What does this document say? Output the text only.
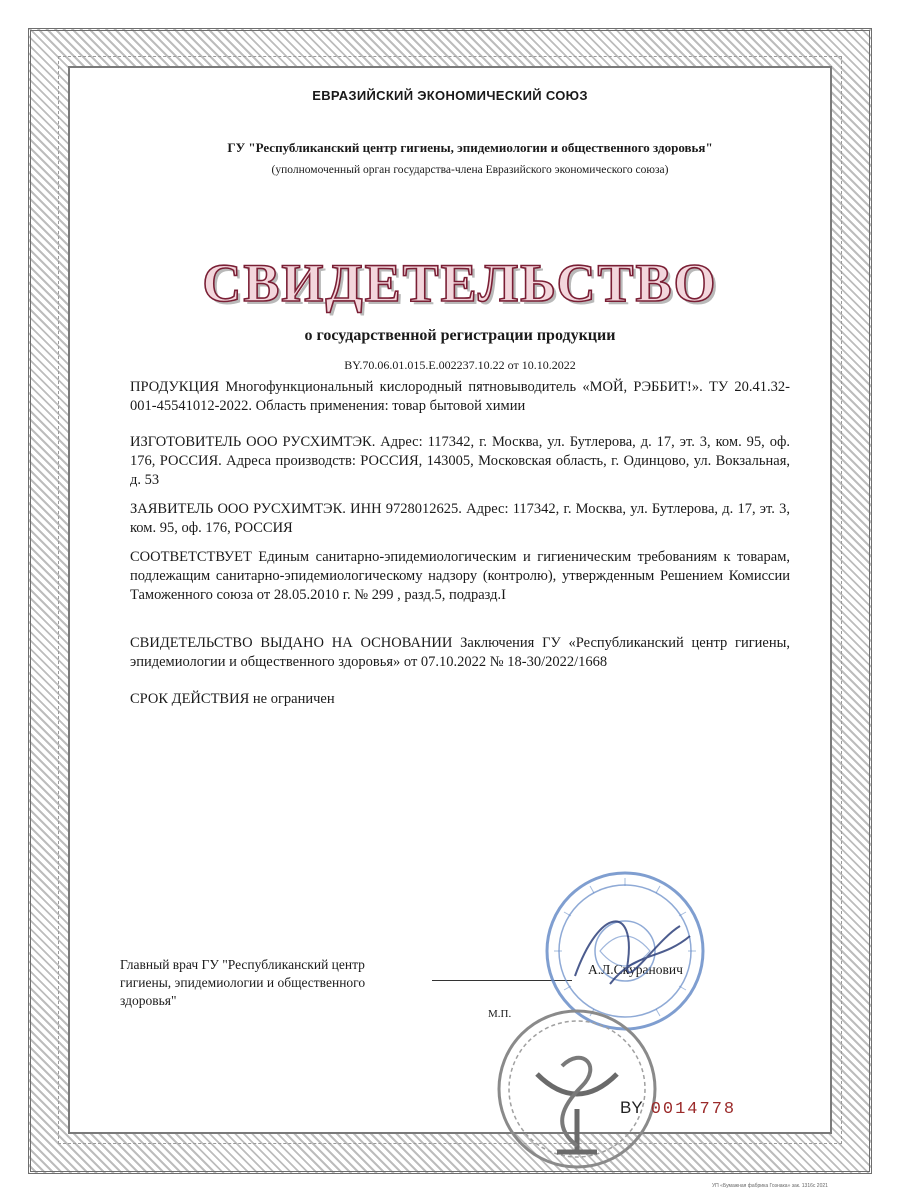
ЕВРАЗИЙСКИЙ ЭКОНОМИЧЕСКИЙ СОЮЗ
ГУ "Республиканский центр гигиены, эпидемиологии и общественного здоровья"
(уполномоченный орган государства-члена Евразийского экономического союза)
СВИДЕТЕЛЬСТВО
о государственной регистрации продукции
BY.70.06.01.015.E.002237.10.22 от 10.10.2022
ПРОДУКЦИЯ Многофункциональный кислородный пятновыводитель «МОЙ, РЭББИТ!». ТУ 20.41.32-001-45541012-2022. Область применения: товар бытовой химии
ИЗГОТОВИТЕЛЬ ООО РУСХИМТЭК. Адрес: 117342, г. Москва, ул. Бутлерова, д. 17, эт. 3, ком. 95, оф. 176, РОССИЯ. Адреса производств: РОССИЯ, 143005, Московская область, г. Одинцово, ул. Вокзальная, д. 53
ЗАЯВИТЕЛЬ ООО РУСХИМТЭК. ИНН 9728012625. Адрес: 117342, г. Москва, ул. Бутлерова, д. 17, эт. 3, ком. 95, оф. 176, РОССИЯ
СООТВЕТСТВУЕТ Единым санитарно-эпидемиологическим и гигиеническим требованиям к товарам, подлежащим санитарно-эпидемиологическому надзору (контролю), утвержденным Решением Комиссии Таможенного союза от 28.05.2010 г. № 299 , разд.5, подразд.I
СВИДЕТЕЛЬСТВО ВЫДАНО НА ОСНОВАНИИ Заключения ГУ «Республиканский центр гигиены, эпидемиологии и общественного здоровья» от 07.10.2022 № 18-30/2022/1668
СРОК ДЕЙСТВИЯ не ограничен
Главный врач ГУ "Республиканский центр гигиены, эпидемиологии и общественного здоровья"
А.Л.Скуранович
М.П.
BY 0014778
УП «Бумажная фабрика Гознака» зак. 1316с 2021
